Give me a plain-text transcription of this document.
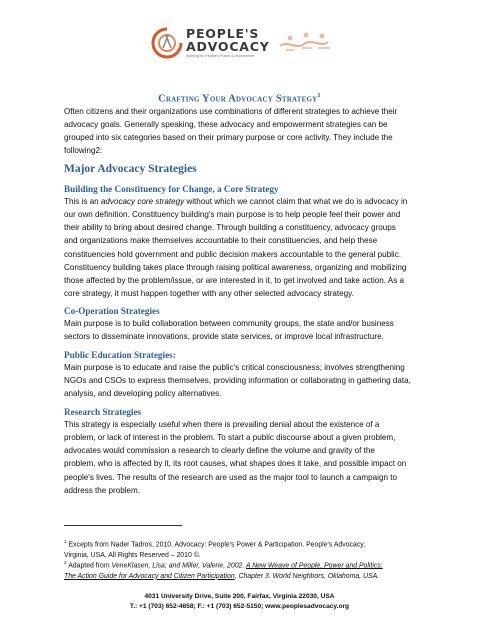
PEOPLE'S
ADVOCACY
Working for People's Power & Involvement
Crafting Your Advocacy Strategy$^1$
Often citizens and their organizations use combinations of different strategies to achieve their
advocacy goals. Generally speaking, these advocacy and empowerment strategies can be
grouped into six categories based on their primary purpose or core activity. They include the
following2:
Major Advocacy Strategies
Building the Constituency for Change, a Core Strategy
This is an advocacy core strategy without which we cannot claim that what we do is advocacy in
our own definition. Constituency building's main purpose is to help people feel their power and
their ability to bring about desired change. Through building a constituency, advocacy groups
and organizations make themselves accountable to their constituencies, and help these
constituencies hold government and public decision makers accountable to the general public.
Constituency building takes place through raising political awareness, organizing and mobilizing
those affected by the problem/issue, or are interested in it, to get involved and take action. As a
core strategy, it must happen together with any other selected advocacy strategy.
Co-Operation Strategies
Main purpose is to build collaboration between community groups, the state and/or business
sectors to disseminate innovations, provide state services, or improve local infrastructure.
Public Education Strategies:
Main purpose is to educate and raise the public's critical consciousness; involves strengthening
NGOs and CSOs to express themselves, providing information or collaborating in gathering data,
analysis, and developing policy alternatives.
Research Strategies
This strategy is especially useful when there is prevailing denial about the existence of a
problem, or lack of interest in the problem. To start a public discourse about a given problem,
advocates would commission a research to clearly define the volume and gravity of the
problem, who is affected by it, its root causes, what shapes does it take, and possible impact on
people's lives. The results of the research are used as the major tool to launch a campaign to
address the problem.
$^1$ Excepts from Nader Tadros, 2010. Advocacy: People's Power & Participation. People's Advocacy,
Virginia, USA, All Rights Reserved – 2010 ©.
$^2$ Adapted from VeneKlasen, Lisa; and Miller, Valerie, 2002. A New Weave of People, Power and Politics:
The Action Guide for Advocacy and Citizen Participation, Chapter 3. World Neighbors, Oklahoma, USA.
4031 University Drive, Suite 200, Fairfax, Virginia 22030, USA
T.: +1 (703) 652-4658; F.: +1 (703) 652-5150; www.peoplesadvocacy.org
